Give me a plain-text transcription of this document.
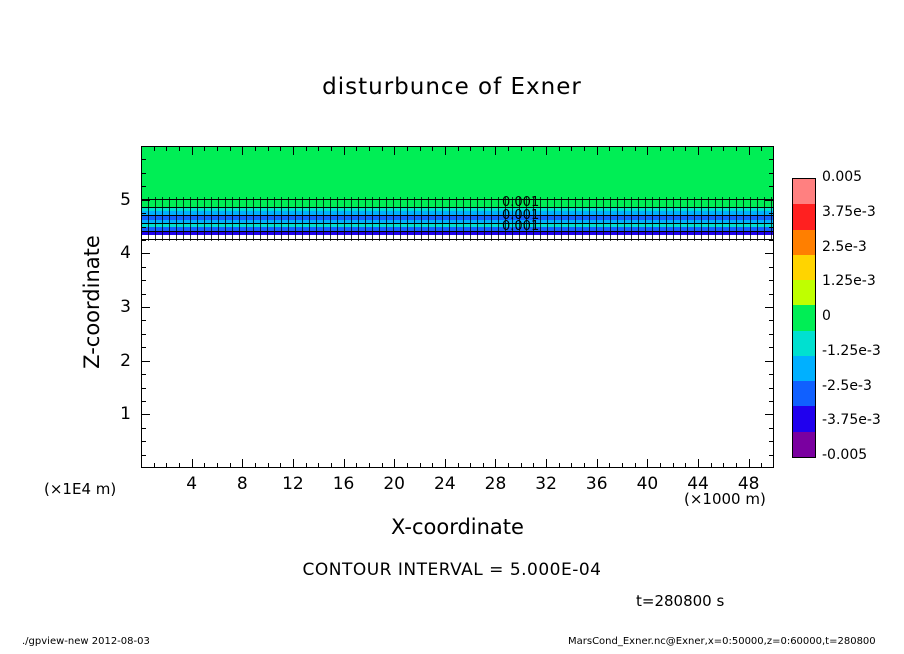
disturbunce of Exner
0.001
0.001
0.001
4	8	12	16	20	24	28	32	36	40	44	48
1
2
3
4
5
Z-coordinate
X-coordinate
(×1000 m)
(×1E4 m)
0.005
3.75e-3
2.5e-3
1.25e-3
0
-1.25e-3
-2.5e-3
-3.75e-3
-0.005
CONTOUR INTERVAL = 5.000E-04
t=280800 s
./gpview-new 2012-08-03	MarsCond_Exner.nc@Exner,x=0:50000,z=0:60000,t=280800
